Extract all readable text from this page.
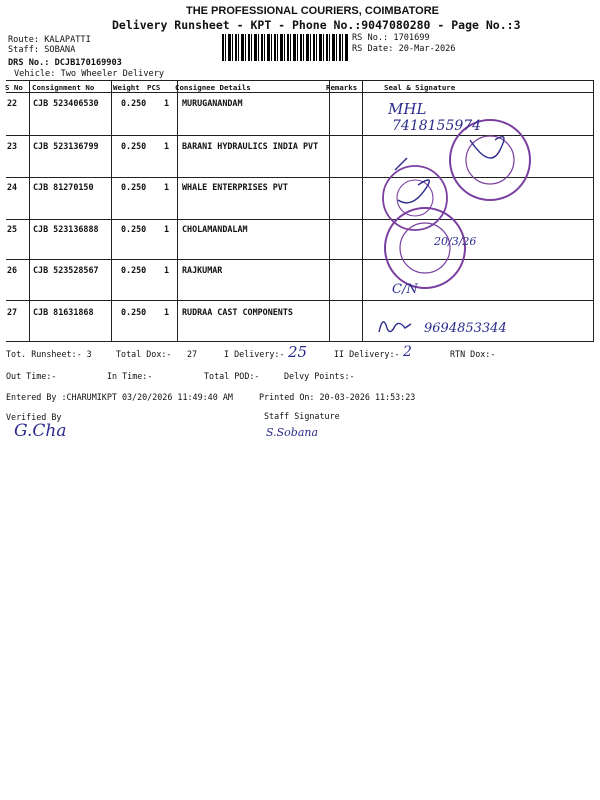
THE PROFESSIONAL COURIERS, COIMBATORE
Delivery Runsheet - KPT - Phone No.:9047080280 - Page No.:3
Route: KALAPATTI
Staff: SOBANA
DRS No.: DCJB170169903
Vehicle: Two Wheeler Delivery
RS No.: 1701699
RS Date: 20-Mar-2026
S No Consignment No	Weight PCS Consignee Details	Remarks	Seal & Signature
22 CJB 523406530	0.250 1 MURUGANANDAM
23 CJB 523136799	0.250 1 BARANI HYDRAULICS INDIA PVT
24 CJB 81270150	0.250 1 WHALE ENTERPRISES PVT
25 CJB 523136888	0.250 1 CHOLAMANDALAM
26 CJB 523528567	0.250 1 RAJKUMAR
27 CJB 81631868	0.250 1 RUDRAA CAST COMPONENTS
MHL
7418155974
20/3/26
C/N
9694853344
Tot. Runsheet:- 3	Total Dox:- 27	I Delivery:- 25	II Delivery:- 2	RTN Dox:-
Out Time:-	In Time:-	Total POD:-	Delvy Points:-
Entered By :CHARUMIKPT 03/20/2026 11:49:40 AM	Printed On: 20-03-2026 11:53:23
Verified By
G.Cha
Staff Signature
S.Sobana
